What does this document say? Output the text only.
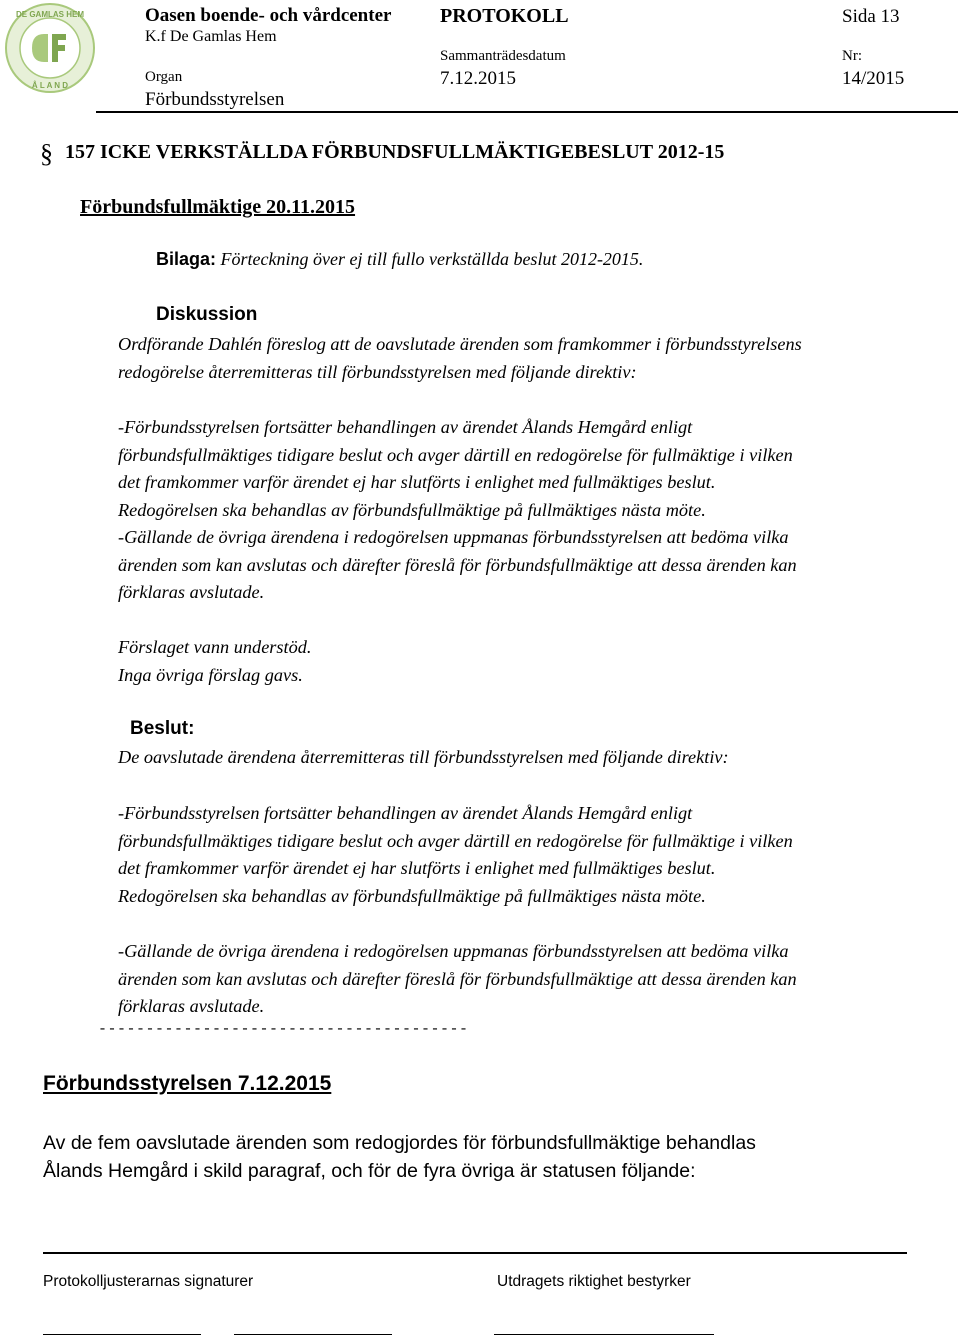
DE GAMLAS HEM
Å L A N D
Oasen boende- och vårdcenter
K.f De Gamlas Hem
PROTOKOLL	Sida 13
Organ
Förbundsstyrelsen
Sammanträdesdatum
7.12.2015
Nr:
14/2015
§ 157 ICKE VERKSTÄLLDA FÖRBUNDSFULLMÄKTIGEBESLUT 2012-15
Förbundsfullmäktige 20.11.2015
Bilaga: Förteckning över ej till fullo verkställda beslut 2012-2015.
Diskussion

Ordförande Dahlén föreslog att de oavslutade ärenden som framkommer i förbundsstyrelsens

redogörelse återremitteras till förbundsstyrelsen med följande direktiv:

-Förbundsstyrelsen fortsätter behandlingen av ärendet Ålands Hemgård enligt

förbundsfullmäktiges tidigare beslut och avger därtill en redogörelse för fullmäktige i vilken

det framkommer varför ärendet ej har slutförts i enlighet med fullmäktiges beslut.

Redogörelsen ska behandlas av förbundsfullmäktige på fullmäktiges nästa möte.

-Gällande de övriga ärendena i redogörelsen uppmanas förbundsstyrelsen att bedöma vilka

ärenden som kan avslutas och därefter föreslå för förbundsfullmäktige att dessa ärenden kan

förklaras avslutade.

Förslaget vann understöd.

Inga övriga förslag gavs.

Beslut:

De oavslutade ärendena återremitteras till förbundsstyrelsen med följande direktiv:

-Förbundsstyrelsen fortsätter behandlingen av ärendet Ålands Hemgård enligt

förbundsfullmäktiges tidigare beslut och avger därtill en redogörelse för fullmäktige i vilken

det framkommer varför ärendet ej har slutförts i enlighet med fullmäktiges beslut.

Redogörelsen ska behandlas av förbundsfullmäktige på fullmäktiges nästa möte.

-Gällande de övriga ärendena i redogörelsen uppmanas förbundsstyrelsen att bedöma vilka

ärenden som kan avslutas och därefter föreslå för förbundsfullmäktige att dessa ärenden kan

förklaras avslutade.

---------------------------------------
Förbundsstyrelsen 7.12.2015

Av de fem oavslutade ärenden som redogjordes för förbundsfullmäktige behandlas

Ålands Hemgård i skild paragraf, och för de fyra övriga är statusen följande:

Protokolljusterarnas signaturer	Utdragets riktighet bestyrker
